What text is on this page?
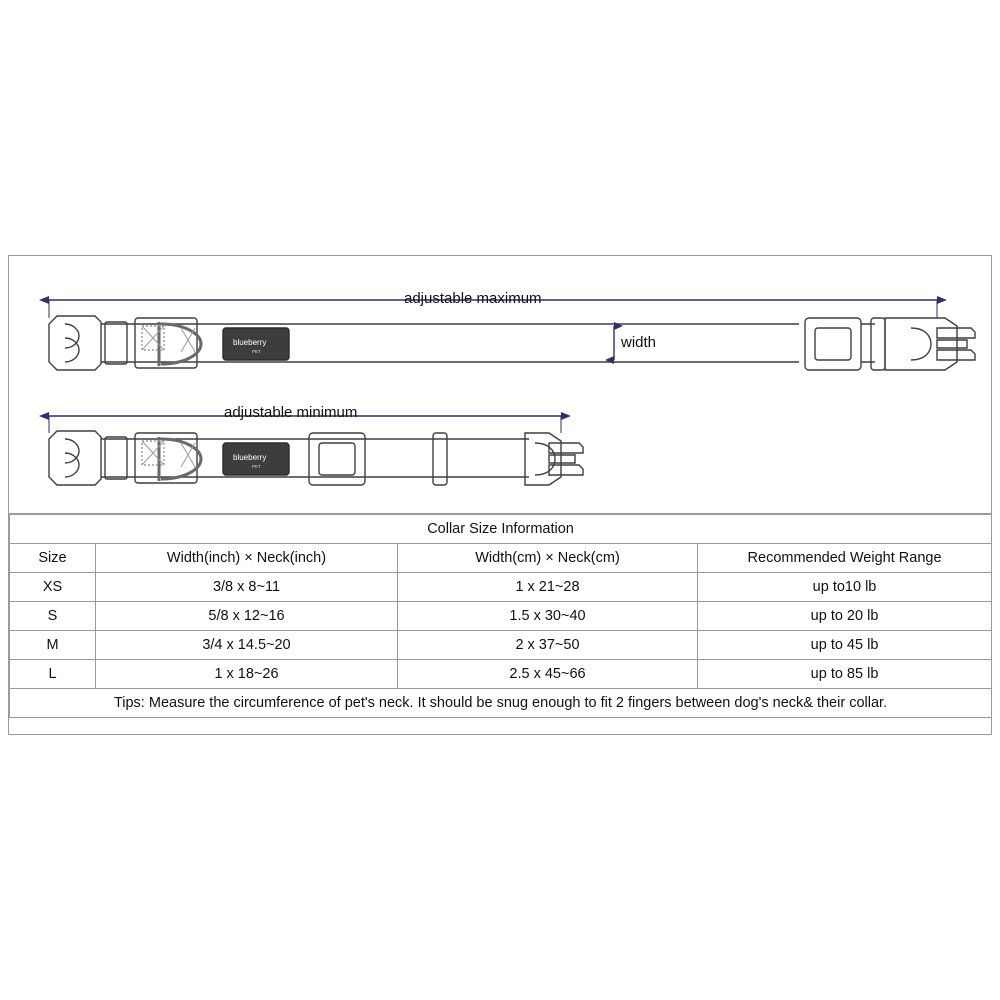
blueberry
PET
blueberry
PET
adjustable maximum
adjustable minimum
width
Collar Size Information			
Size	Width(inch) × Neck(inch)	Width(cm) × Neck(cm)	Recommended Weight Range
XS	3/8 x 8~11	1 x 21~28	up to10 lb
S	5/8 x 12~16	1.5 x 30~40	up to 20 lb
M	3/4 x 14.5~20	2 x 37~50	up to 45 lb
L	1 x 18~26	2.5 x 45~66	up to 85 lb
Tips: Measure the circumference of pet's neck. It should be snug enough to fit 2 fingers between dog's neck& their collar.			
